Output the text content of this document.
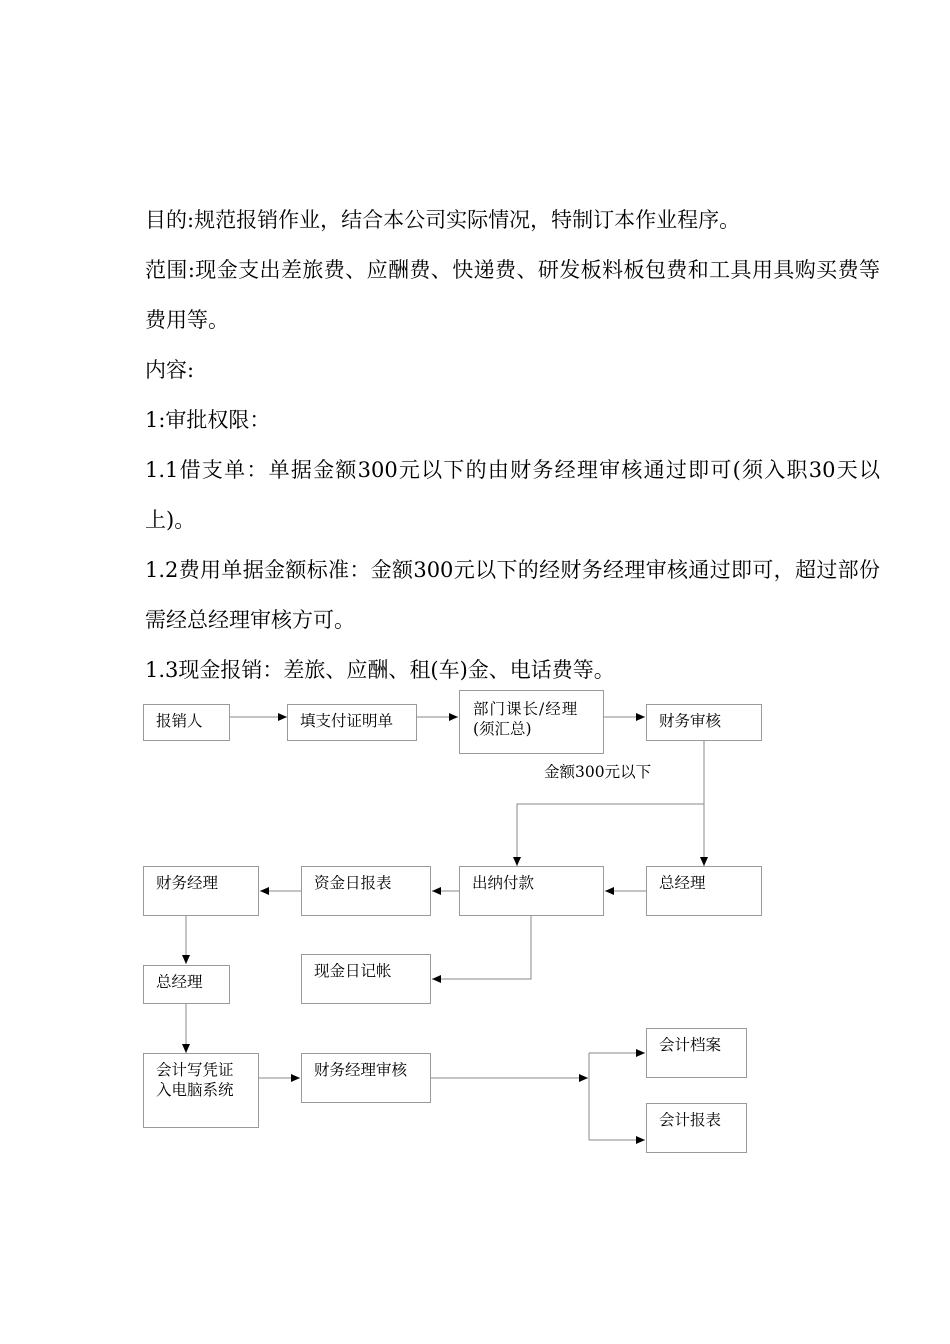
目的:规范报销作业，结合本公司实际情况，特制订本作业程序。

范围:现金支出差旅费、应酬费、快递费、研发板料板包费和工具用具购买费等费用等。

内容:

1:审批权限：

1.1借支单：单据金额300元以下的由财务经理审核通过即可(须入职30天以上)。

1.2费用单据金额标准：金额300元以下的经财务经理审核通过即可，超过部份需经总经理审核方可。

1.3现金报销：差旅、应酬、租(车)金、电话费等。

报销人	填支付证明单
部门课长/经理
(须汇总)	财务审核
金额300元以下
财务经理	资金日报表	出纳付款	总经理
总经理
现金日记帐
会计写凭证
入电脑系统
财务经理审核
会计档案
会计报表
